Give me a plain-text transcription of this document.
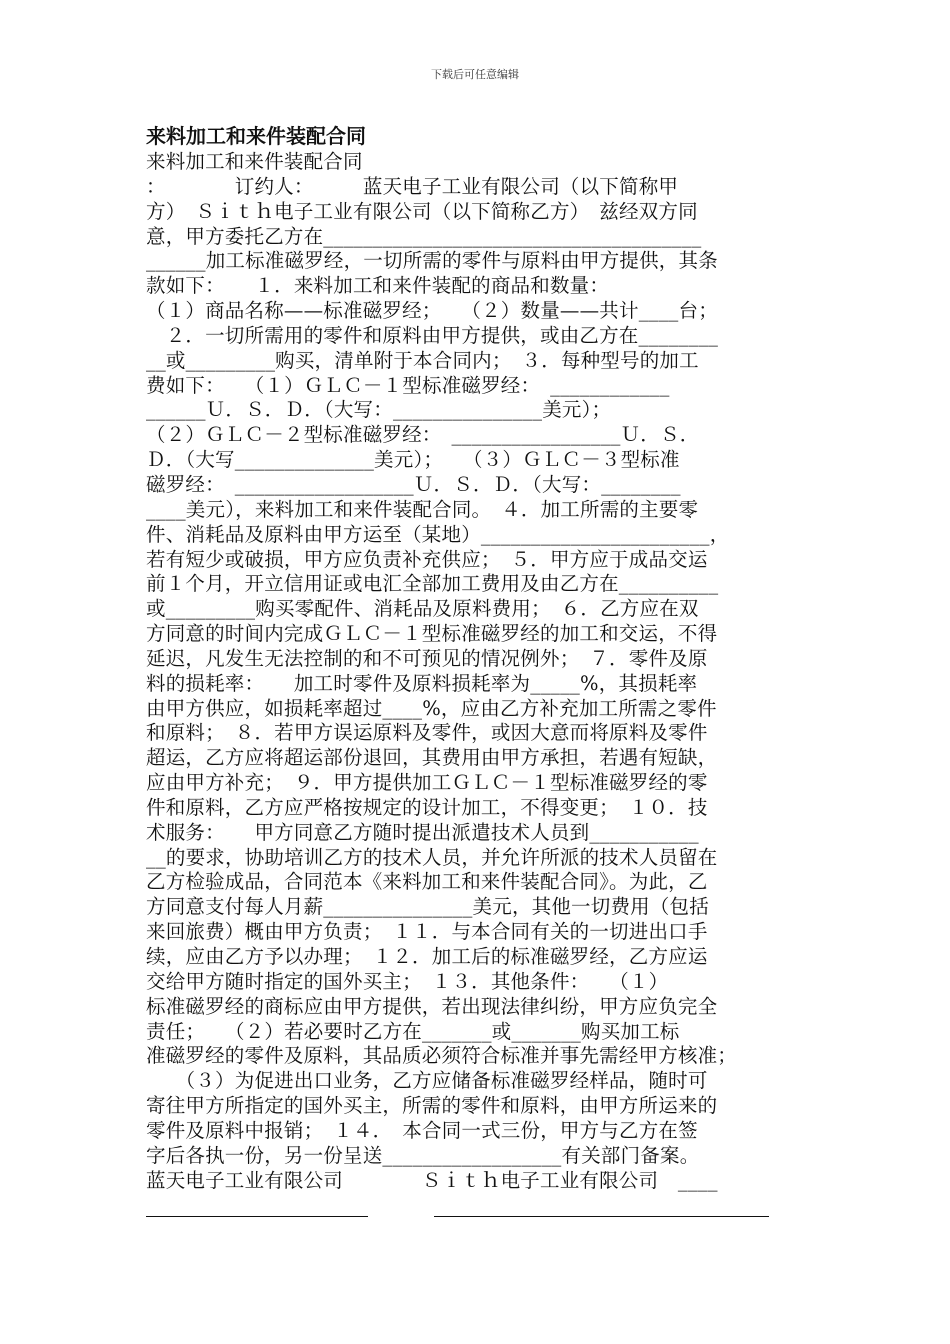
下载后可任意编辑
来料加工和来件装配合同
来料加工和来件装配合同
：　　　　订约人：　　　蓝天电子工业有限公司（以下简称甲
方）　Ｓｉｔｈ电子工业有限公司（以下简称乙方）　兹经双方同
意，甲方委托乙方在______________________________________
______加工标准磁罗经，一切所需的零件与原料由甲方提供，其条
款如下：　　１．来料加工和来件装配的商品和数量：
（１）商品名称——标准磁罗经；　　（２）数量——共计____台；
　２．一切所需用的零件和原料由甲方提供，或由乙方在________
__或_________购买，清单附于本合同内；　３．每种型号的加工
费如下：　　（１）ＧＬＣ－１型标准磁罗经：　____________
______Ｕ．Ｓ．Ｄ．（大写：_______________美元）；
（２）ＧＬＣ－２型标准磁罗经：　_________________Ｕ．Ｓ．
Ｄ．（大写______________美元）；　　（３）ＧＬＣ－３型标准
磁罗经：　__________________Ｕ．Ｓ．Ｄ．（大写：________
____美元），来料加工和来件装配合同。　４．加工所需的主要零
件、消耗品及原料由甲方运至（某地）_______________________，
若有短少或破损，甲方应负责补充供应；　５．甲方应于成品交运
前１个月，开立信用证或电汇全部加工费用及由乙方在__________
或_________购买零配件、消耗品及原料费用；　６．乙方应在双
方同意的时间内完成ＧＬＣ－１型标准磁罗经的加工和交运，不得
延迟，凡发生无法控制的和不可预见的情况例外；　７．零件及原
料的损耗率：　　加工时零件及原料损耗率为_____%，其损耗率
由甲方供应，如损耗率超过____%，应由乙方补充加工所需之零件
和原料；　８．若甲方误运原料及零件，或因大意而将原料及零件
超运，乙方应将超运部份退回，其费用由甲方承担，若遇有短缺，
应由甲方补充；　９．甲方提供加工ＧＬＣ－１型标准磁罗经的零
件和原料，乙方应严格按规定的设计加工，不得变更；　１０．技
术服务：　　甲方同意乙方随时提出派遣技术人员到___________
__的要求，协助培训乙方的技术人员，并允许所派的技术人员留在
乙方检验成品，合同范本《来料加工和来件装配合同》。为此，乙
方同意支付每人月薪_______________美元，其他一切费用（包括
来回旅费）概由甲方负责；　１１．与本合同有关的一切进出口手
续，应由乙方予以办理；　１２．加工后的标准磁罗经，乙方应运
交给甲方随时指定的国外买主；　１３．其他条件：　　（１）
标准磁罗经的商标应由甲方提供，若出现法律纠纷，甲方应负完全
责任；　　（２）若必要时乙方在_______或_______购买加工标
准磁罗经的零件及原料，其品质必须符合标准并事先需经甲方核准；
　　（３）为促进出口业务，乙方应储备标准磁罗经样品，随时可
寄往甲方所指定的国外买主，所需的零件和原料，由甲方所运来的
零件及原料中报销；　１４．　本合同一式三份，甲方与乙方在签
字后各执一份，另一份呈送__________________有关部门备案。
蓝天电子工业有限公司　　　　Ｓｉｔｈ电子工业有限公司　____
